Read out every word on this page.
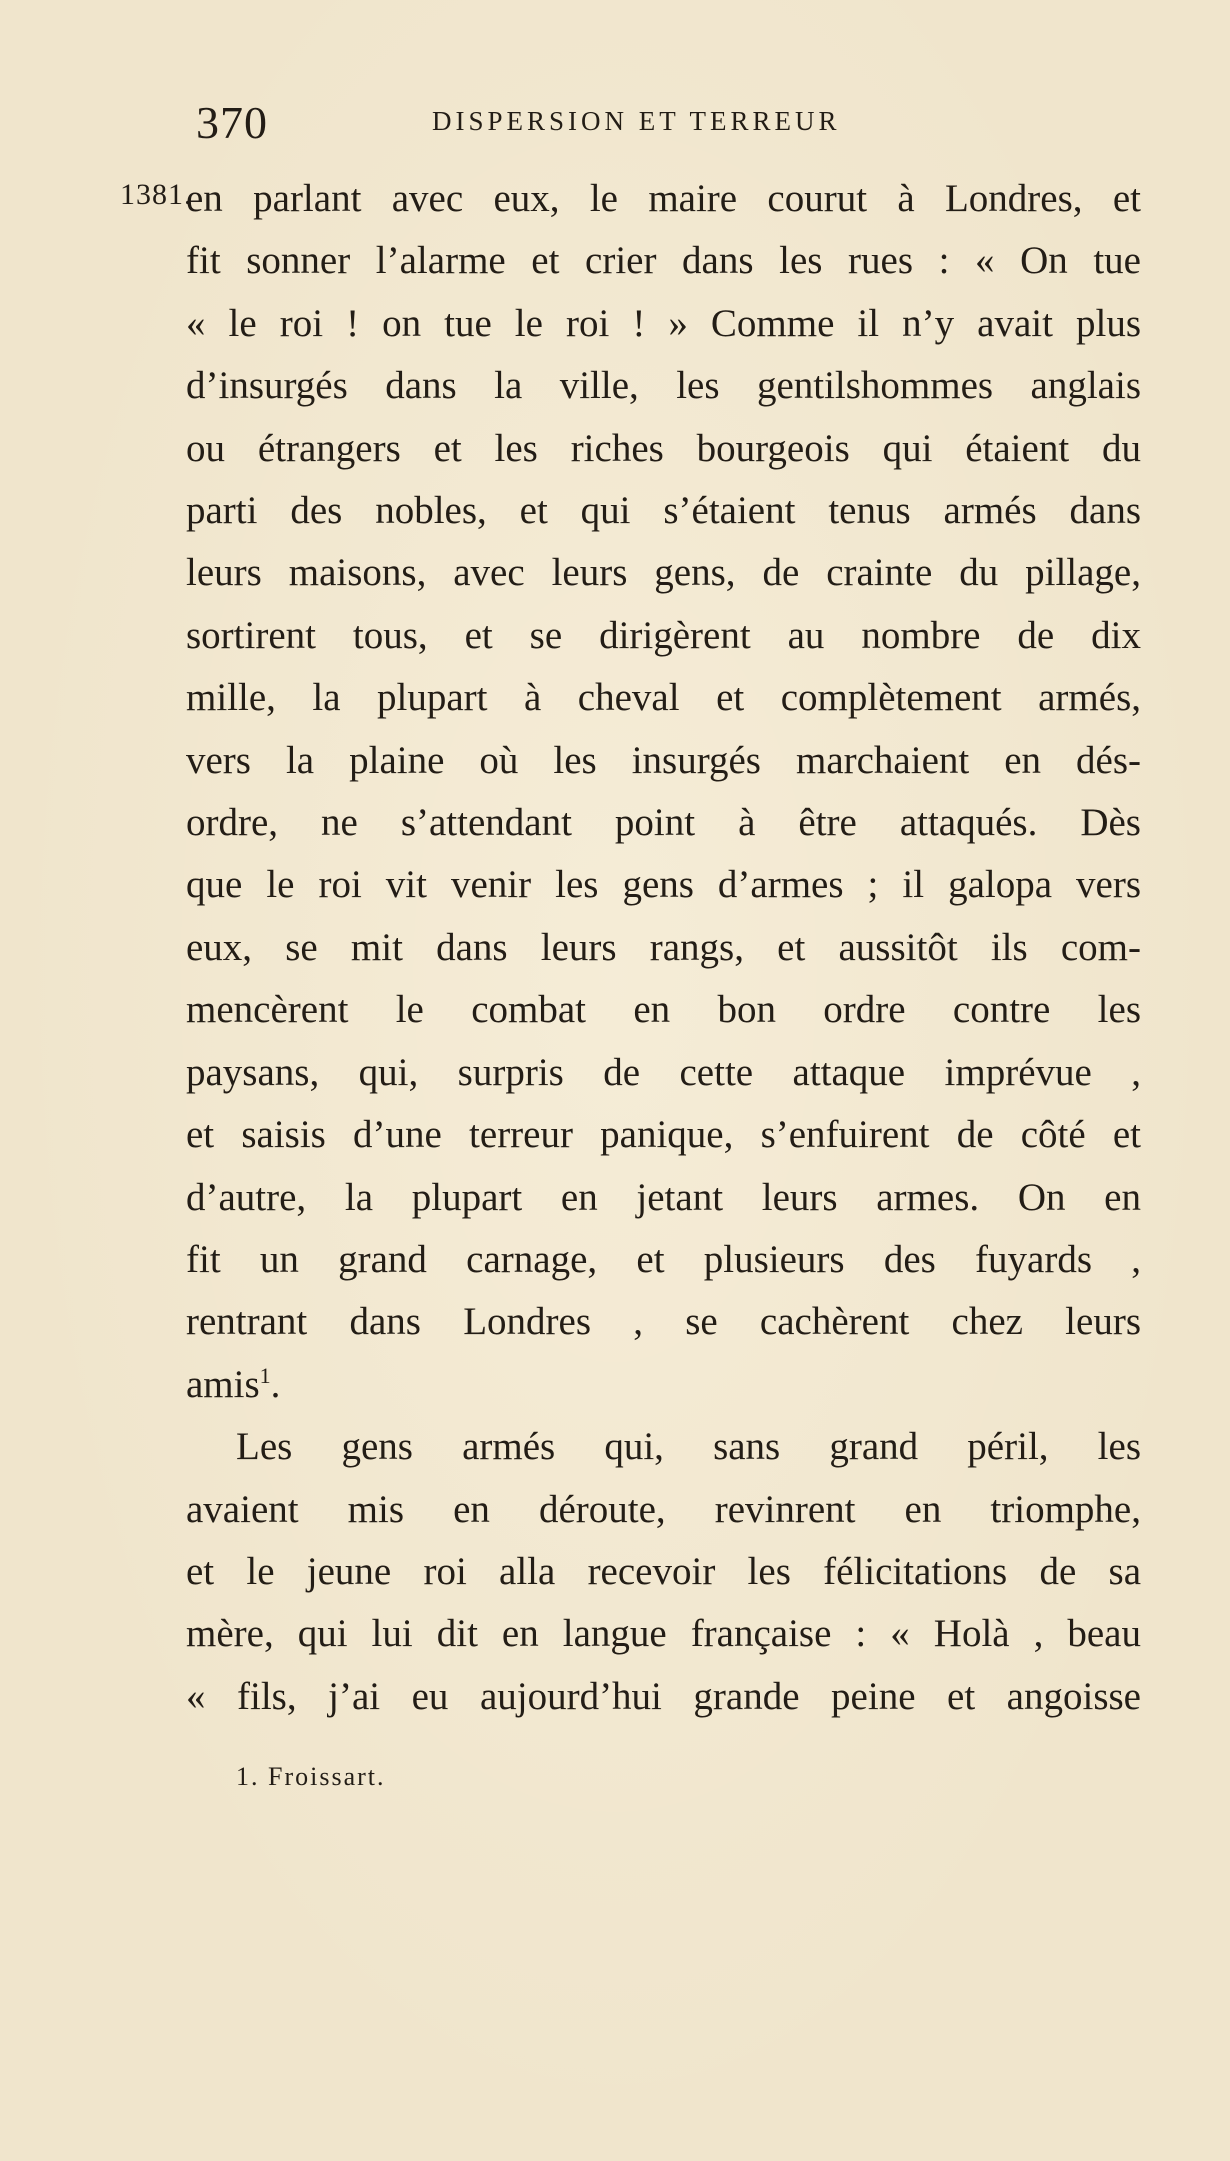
370	DISPERSION ET TERREUR
1381.
en parlant avec eux, le maire courut à Londres, et
fit sonner l’alarme et crier dans les rues : « On tue
« le roi ! on tue le roi ! » Comme il n’y avait plus
d’insurgés dans la ville, les gentilshommes anglais
ou étrangers et les riches bourgeois qui étaient du
parti des nobles, et qui s’étaient tenus armés dans
leurs maisons, avec leurs gens, de crainte du pillage,
sortirent tous, et se dirigèrent au nombre de dix
mille, la plupart à cheval et complètement armés,
vers la plaine où les insurgés marchaient en dés-
ordre, ne s’attendant point à être attaqués. Dès
que le roi vit venir les gens d’armes ; il galopa vers
eux, se mit dans leurs rangs, et aussitôt ils com-
mencèrent le combat en bon ordre contre les
paysans, qui, surpris de cette attaque imprévue ,
et saisis d’une terreur panique, s’enfuirent de côté et
d’autre, la plupart en jetant leurs armes. On en
fit un grand carnage, et plusieurs des fuyards ,
rentrant dans Londres , se cachèrent chez leurs
amis$^1$.
Les gens armés qui, sans grand péril, les
avaient mis en déroute, revinrent en triomphe,
et le jeune roi alla recevoir les félicitations de sa
mère, qui lui dit en langue française : « Holà , beau
« fils, j’ai eu aujourd’hui grande peine et angoisse
1. Froissart.
